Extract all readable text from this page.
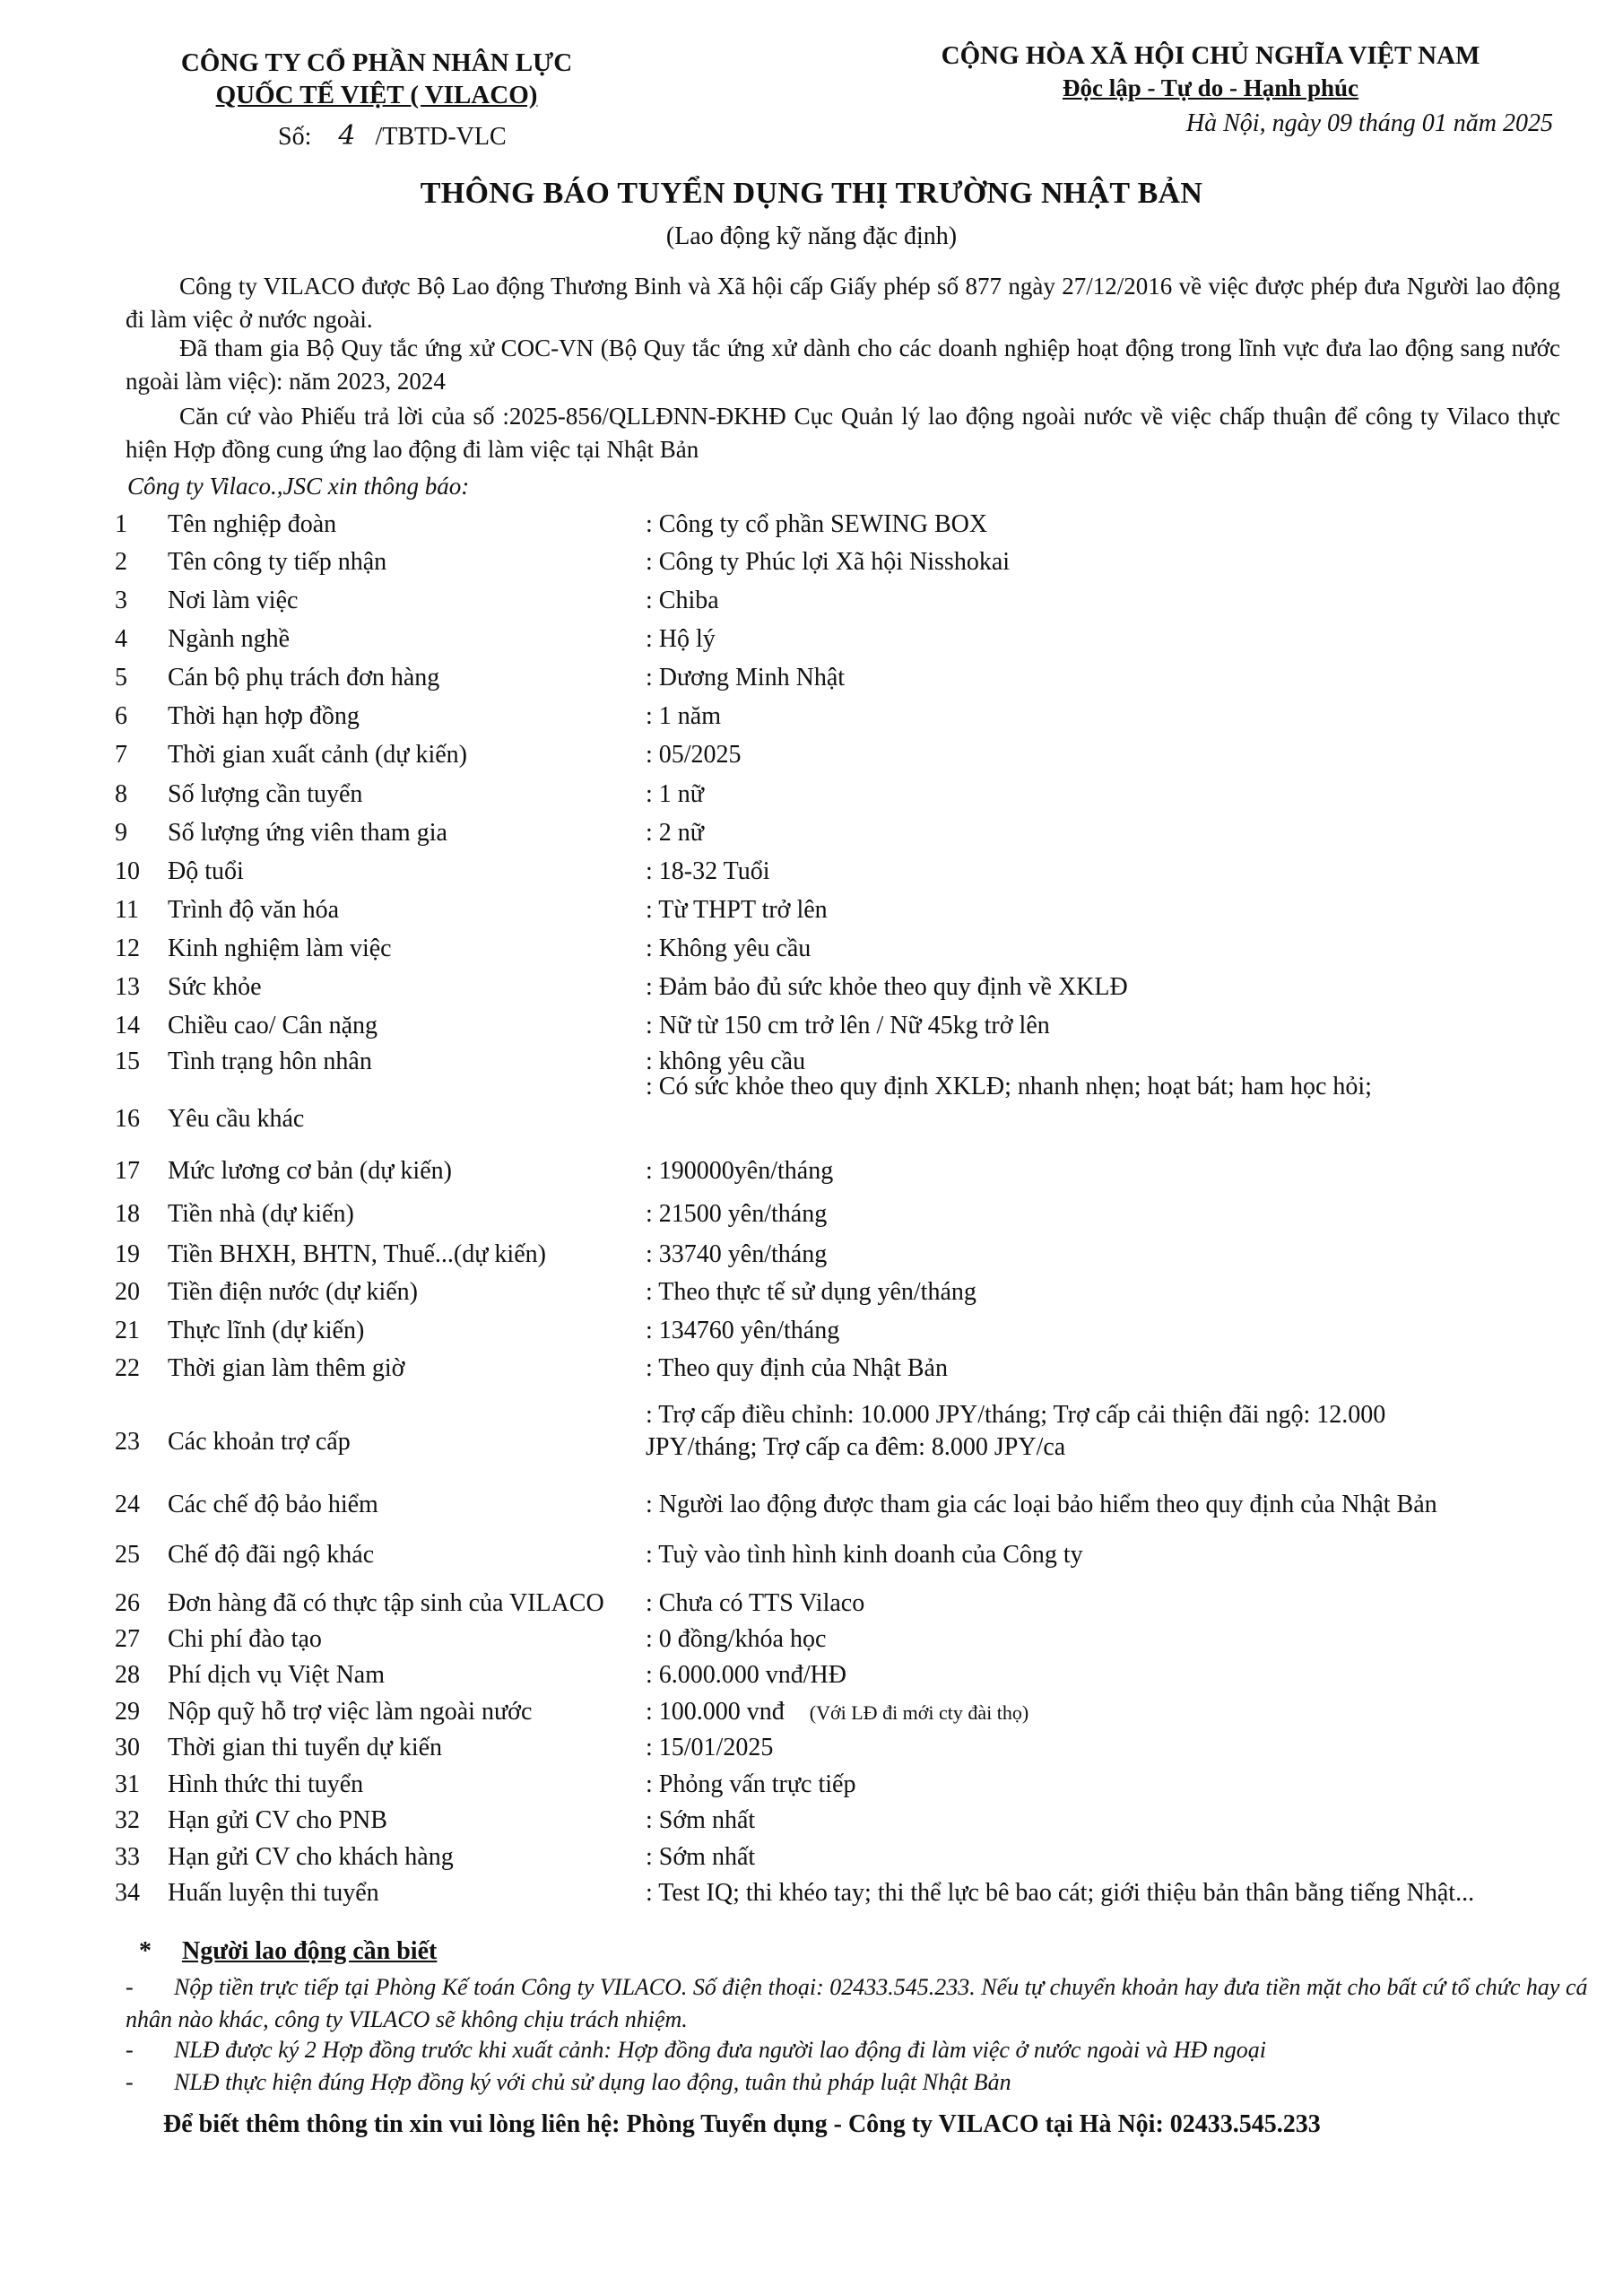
CÔNG TY CỔ PHẦN NHÂN LỰC
QUỐC TẾ VIỆT ( VILACO)
Số: 4 /TBTD-VLC
CỘNG HÒA XÃ HỘI CHỦ NGHĨA VIỆT NAM
Độc lập - Tự do - Hạnh phúc
Hà Nội, ngày 09 tháng 01 năm 2025
THÔNG BÁO TUYỂN DỤNG THỊ TRƯỜNG NHẬT BẢN
(Lao động kỹ năng đặc định)
Công ty VILACO được Bộ Lao động Thương Binh và Xã hội cấp Giấy phép số 877 ngày 27/12/2016 về việc được phép đưa Người lao động đi làm việc ở nước ngoài.
Đã tham gia Bộ Quy tắc ứng xử COC-VN (Bộ Quy tắc ứng xử dành cho các doanh nghiệp hoạt động trong lĩnh vực đưa lao động sang nước ngoài làm việc): năm 2023, 2024
Căn cứ vào Phiếu trả lời của số :2025-856/QLLĐNN-ĐKHĐ Cục Quản lý lao động ngoài nước về việc chấp thuận để công ty Vilaco thực hiện Hợp đồng cung ứng lao động đi làm việc tại Nhật Bản
Công ty Vilaco.,JSC xin thông báo:
1	Tên nghiệp đoàn	: Công ty cổ phần SEWING BOX
2	Tên công ty tiếp nhận	: Công ty Phúc lợi Xã hội Nisshokai
3	Nơi làm việc	: Chiba
4	Ngành nghề	: Hộ lý
5	Cán bộ phụ trách đơn hàng	: Dương Minh Nhật
6	Thời hạn hợp đồng	: 1 năm
7	Thời gian xuất cảnh (dự kiến)	: 05/2025
8	Số lượng cần tuyển	: 1 nữ
9	Số lượng ứng viên tham gia	: 2 nữ
10	Độ tuổi	: 18-32 Tuổi
11	Trình độ văn hóa	: Từ THPT trở lên
12	Kinh nghiệm làm việc	: Không yêu cầu
13	Sức khỏe	: Đảm bảo đủ sức khỏe theo quy định về XKLĐ
14	Chiều cao/ Cân nặng	: Nữ từ 150 cm trở lên / Nữ 45kg trở lên
15	Tình trạng hôn nhân	: không yêu cầu
16	Yêu cầu khác
: Có sức khỏe theo quy định XKLĐ; nhanh nhẹn; hoạt bát; ham học hỏi;
17	Mức lương cơ bản (dự kiến)	: 190000yên/tháng
18	Tiền nhà (dự kiến)	: 21500 yên/tháng
19	Tiền BHXH, BHTN, Thuế...(dự kiến)	: 33740 yên/tháng
20	Tiền điện nước (dự kiến)	: Theo thực tế sử dụng yên/tháng
21	Thực lĩnh (dự kiến)	: 134760 yên/tháng
22	Thời gian làm thêm giờ	: Theo quy định của Nhật Bản
23	Các khoản trợ cấp
: Trợ cấp điều chỉnh: 10.000 JPY/tháng; Trợ cấp cải thiện đãi ngộ: 12.000 JPY/tháng; Trợ cấp ca đêm: 8.000 JPY/ca
24	Các chế độ bảo hiểm	: Người lao động được tham gia các loại bảo hiểm theo quy định của Nhật Bản
25	Chế độ đãi ngộ khác	: Tuỳ vào tình hình kinh doanh của Công ty
26	Đơn hàng đã có thực tập sinh của VILACO	: Chưa có TTS Vilaco
27	Chi phí đào tạo	: 0 đồng/khóa học
28	Phí dịch vụ Việt Nam	: 6.000.000 vnđ/HĐ
29	Nộp quỹ hỗ trợ việc làm ngoài nước	: 100.000 vnđ (Với LĐ đi mới cty đài thọ)
30	Thời gian thi tuyển dự kiến	: 15/01/2025
31	Hình thức thi tuyển	: Phỏng vấn trực tiếp
32	Hạn gửi CV cho PNB	: Sớm nhất
33	Hạn gửi CV cho khách hàng	: Sớm nhất
34	Huấn luyện thi tuyển	: Test IQ; thi khéo tay; thi thể lực bê bao cát; giới thiệu bản thân bằng tiếng Nhật...
* Người lao động cần biết
- Nộp tiền trực tiếp tại Phòng Kế toán Công ty VILACO. Số điện thoại: 02433.545.233. Nếu tự chuyển khoản hay đưa tiền mặt cho bất cứ tổ chức hay cá nhân nào khác, công ty VILACO sẽ không chịu trách nhiệm.
- NLĐ được ký 2 Hợp đồng trước khi xuất cảnh: Hợp đồng đưa người lao động đi làm việc ở nước ngoài và HĐ ngoại
- NLĐ thực hiện đúng Hợp đồng ký với chủ sử dụng lao động, tuân thủ pháp luật Nhật Bản
Để biết thêm thông tin xin vui lòng liên hệ: Phòng Tuyển dụng - Công ty VILACO tại Hà Nội: 02433.545.233
